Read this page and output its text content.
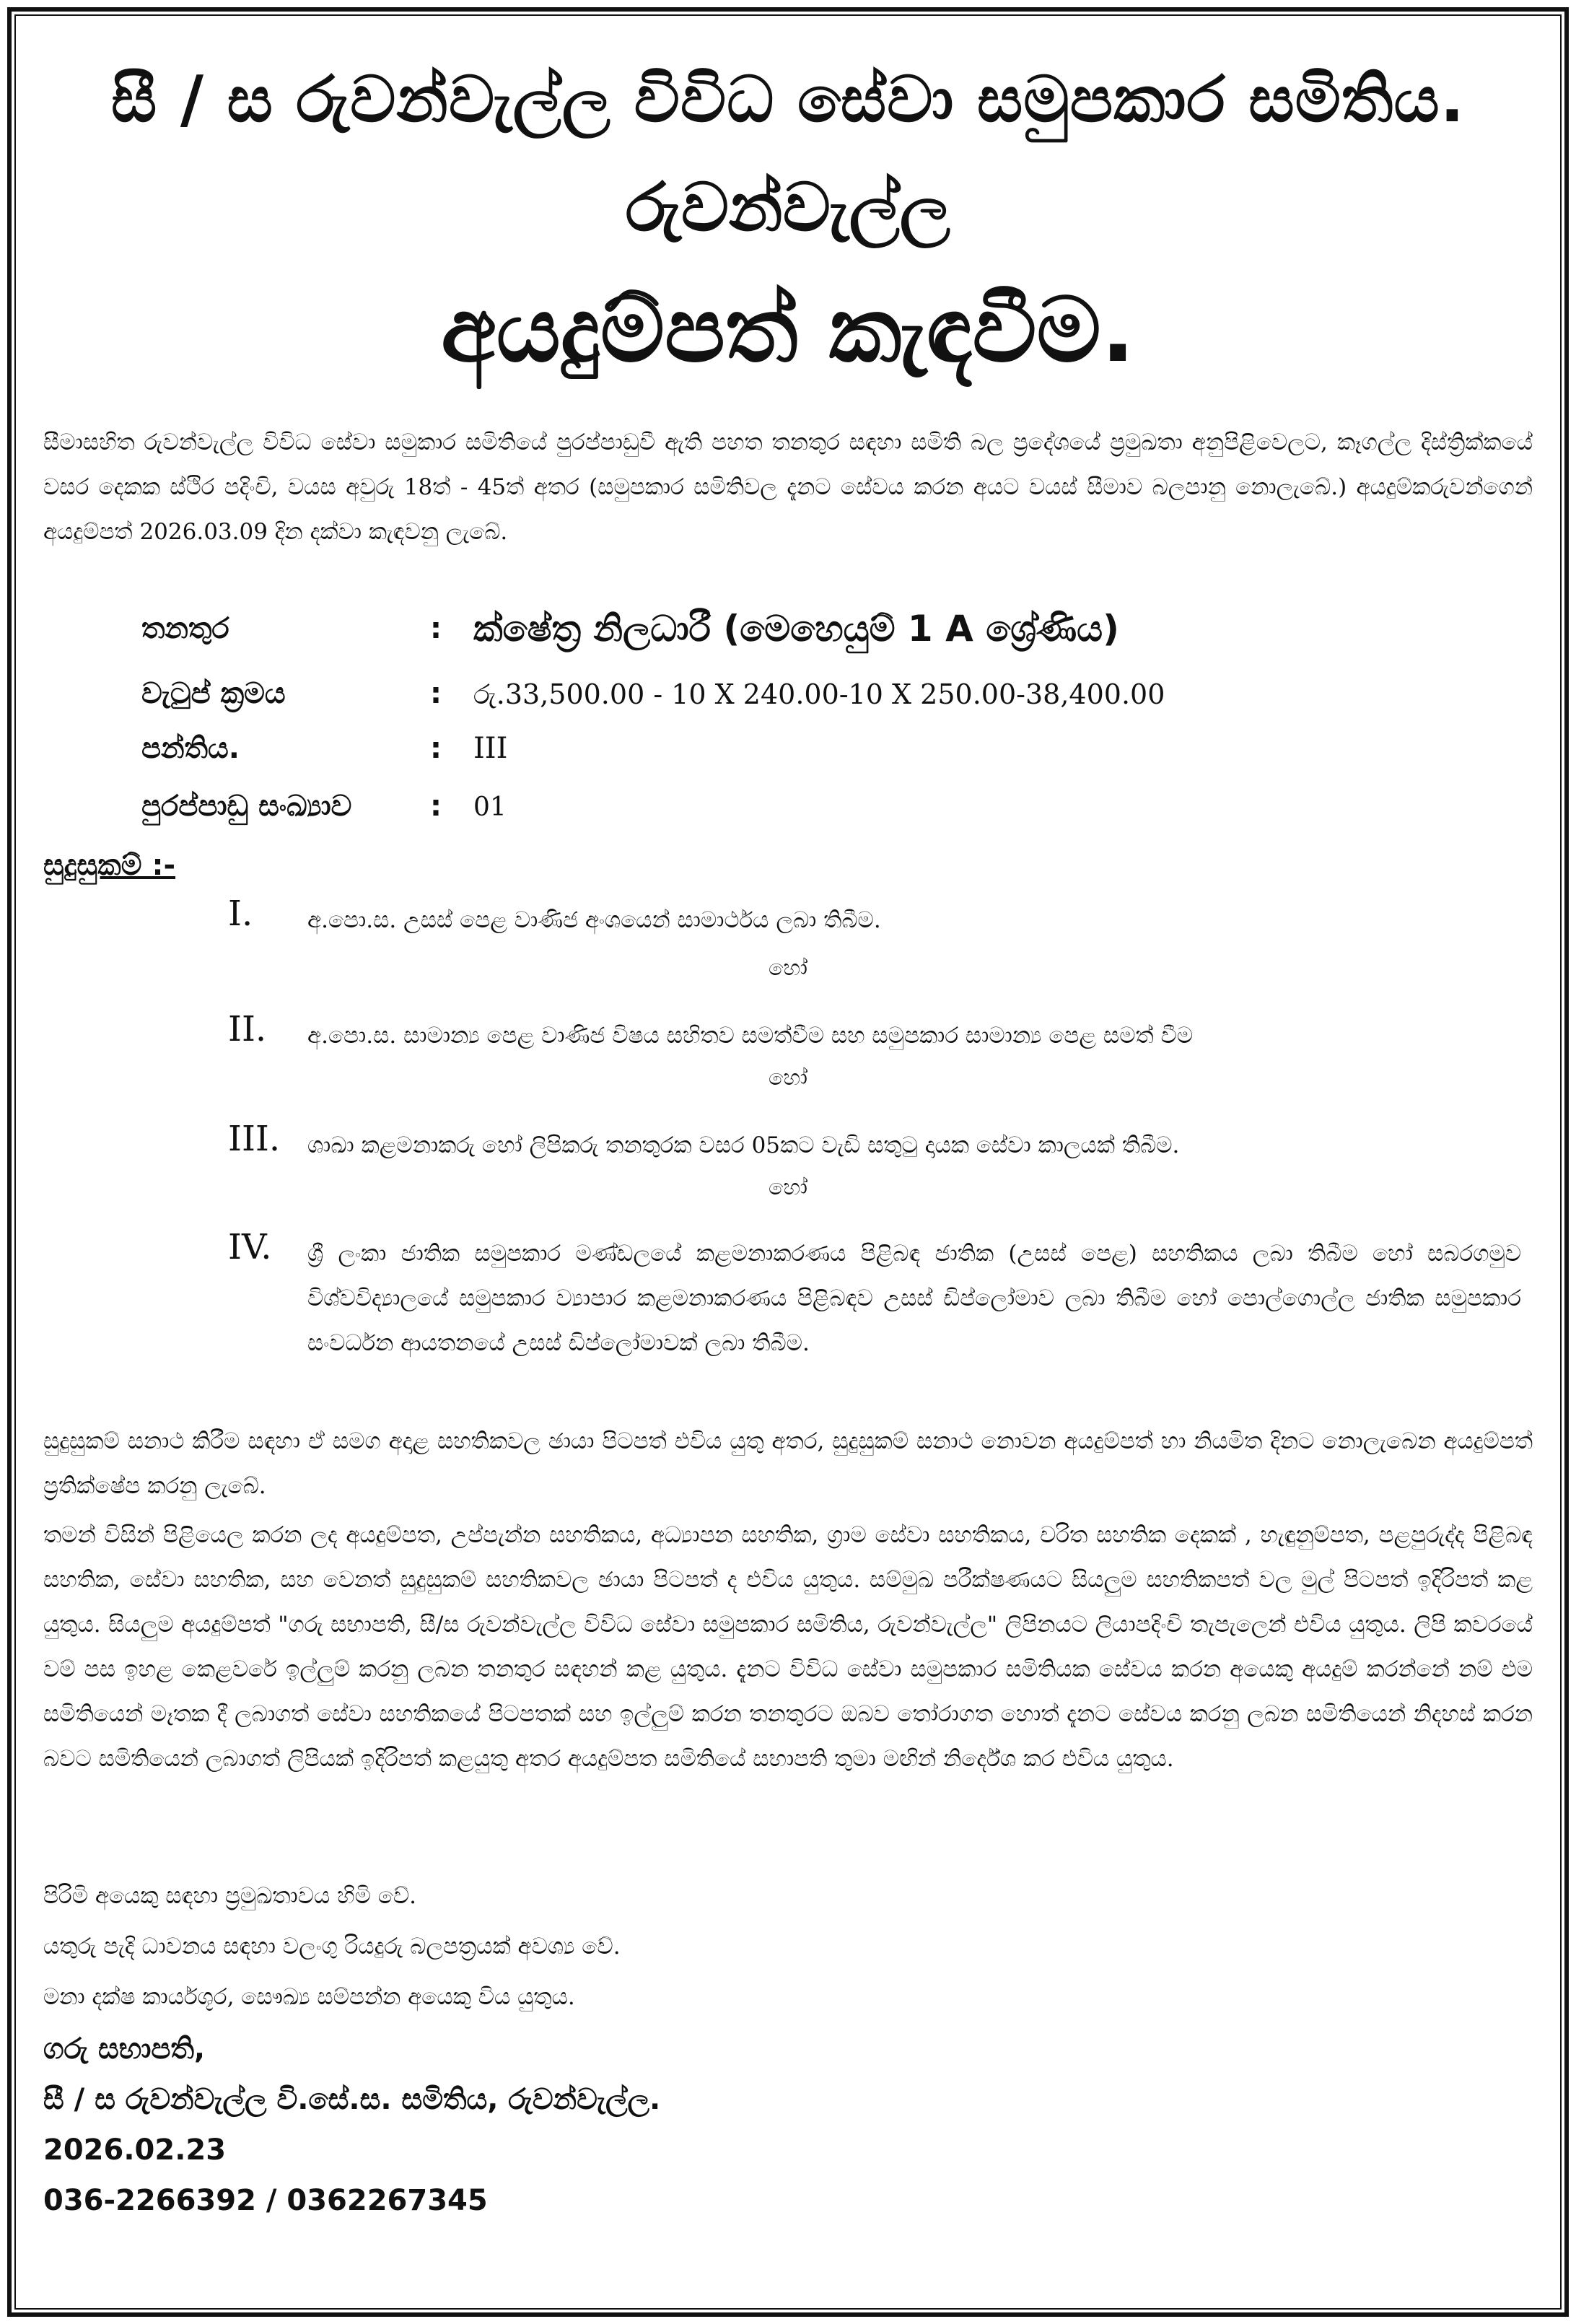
සී / ස රුවන්වැල්ල විවිධ සේවා සමුපකාර සමිතිය.
රුවන්වැල්ල
අයදුම්පත් කැඳවීම.
සීමාසහිත රුවන්වැල්ල විවිධ සේවා සමුකාර සමිතියේ පුරප්පාඩුවී ඇති පහත තනතුර සඳහා සමිති බල ප්‍රදේශයේ ප්‍රමුඛතා අනුපිළිවෙලට, කෑගල්ල දිස්ත්‍රික්කයේ වසර දෙකක ස්ථිර පදිංචි, වයස අවුරු 18ත් - 45ත් අතර (සමුපකාර සමිතිවල දැනට සේවය කරන අයට වයස් සීමාව බලපානු නොලැබේ.) අයදුම්කරුවන්ගෙන් අයදුම්පත් 2026.03.09 දින දක්වා කැඳවනු ලැබේ.
තනතුර	: ක්ෂේත්‍ර නිලධාරී (මෙහෙයුම් 1 A ශ්‍රේණිය)
වැටුප් ක්‍රමය	: රු.33,500.00 - 10 X 240.00-10 X 250.00-38,400.00
පන්තිය.	: III
පුරප්පාඩු සංඛ්‍යාව	: 01
සුදුසුකම් :-
I. අ.පො.ස. උසස් පෙළ වාණිජ අංශයෙන් සාමාර්ථය ලබා තිබීම.
හෝ
II. අ.පො.ස. සාමාන්‍ය පෙළ වාණිජ විෂය සහිතව සමත්වීම සහ සමුපකාර සාමාන්‍ය පෙළ සමත් වීම
හෝ
III. ශාඛා කළමනාකරු හෝ ලිපිකරු තනතුරක වසර 05කට වැඩි සතුටු දායක සේවා කාලයක් තිබීම.
හෝ
IV. ශ්‍රී ලංකා ජාතික සමුපකාර මණ්ඩලයේ කළමනාකරණය පිළිබඳ ජාතික (උසස් පෙළ) සහතිකය ලබා තිබීම හෝ සබරගමුව විශ්වවිද්‍යාලයේ සමුපකාර ව්‍යාපාර කළමනාකරණය පිළිබඳව උසස් ඩිප්ලෝමාව ලබා තිබීම හෝ පොල්ගොල්ල ජාතික සමුපකාර සංවර්ධන ආයතනයේ උසස් ඩිප්ලෝමාවක් ලබා තිබීම.
සුදුසුකම් සනාථ කිරීම සඳහා ඒ සමග අදාළ සහතිකවල ඡායා පිටපත් එවිය යුතු අතර, සුදුසුකම් සනාථ නොවන අයදුම්පත් හා නියමිත දිනට නොලැබෙන අයදුම්පත් ප්‍රතික්ෂේප කරනු ලැබේ.
තමන් විසින් පිළියෙල කරන ලද අයදුම්පත, උප්පැන්න සහතිකය, අධ්‍යාපන සහතික, ග්‍රාම සේවා සහතිකය, චරිත සහතික දෙකක් , හැඳුනුම්පත, පළපුරුද්ද පිළිබඳ සහතික, සේවා සහතික, සහ වෙනත් සුදුසුකම් සහතිකවල ඡායා පිටපත් ද එවිය යුතුය. සම්මුඛ පරීක්ෂණයට සියලුම සහතිකපත් වල මුල් පිටපත් ඉදිරිපත් කළ යුතුය. සියලුම අයදුම්පත් "ගරු සභාපති, සී/ස රුවන්වැල්ල විවිධ සේවා සමුපකාර සමිතිය, රුවන්වැල්ල" ලිපිනයට ලියාපදිංචි තැපැලෙන් එවිය යුතුය. ලිපි කවරයේ වම් පස ඉහළ කෙළවරේ ඉල්ලුම් කරනු ලබන තනතුර සඳහන් කළ යුතුය. දැනට විවිධ සේවා සමුපකාර සමිතියක සේවය කරන අයෙකු අයදුම් කරන්නේ නම් එම සමිතියෙන් මෑතක දී ලබාගත් සේවා සහතිකයේ පිටපතක් සහ ඉල්ලුම් කරන තනතුරට ඔබව තෝරාගත හොත් දැනට සේවය කරනු ලබන සමිතියෙන් නිදහස් කරන බවට සමිතියෙන් ලබාගත් ලිපියක් ඉදිරිපත් කළයුතු අතර අයදුම්පත සමිතියේ සභාපති තුමා මඟින් නිර්දේශ කර එවිය යුතුය.
පිරිමි අයෙකු සඳහා ප්‍රමුඛතාවය හිමි වේ.
යතුරු පැදි ධාවනය සඳහා වලංගු රියදුරු බලපත්‍රයක් අවශ්‍ය වේ.
මනා දක්ෂ කාර්යශූර, සෞඛ්‍ය සම්පන්න අයෙකු විය යුතුය.
ගරු සභාපති,
සී / ස රුවන්වැල්ල වි.සේ.ස. සමිතිය, රුවන්වැල්ල.
2026.02.23
036-2266392 / 0362267345
